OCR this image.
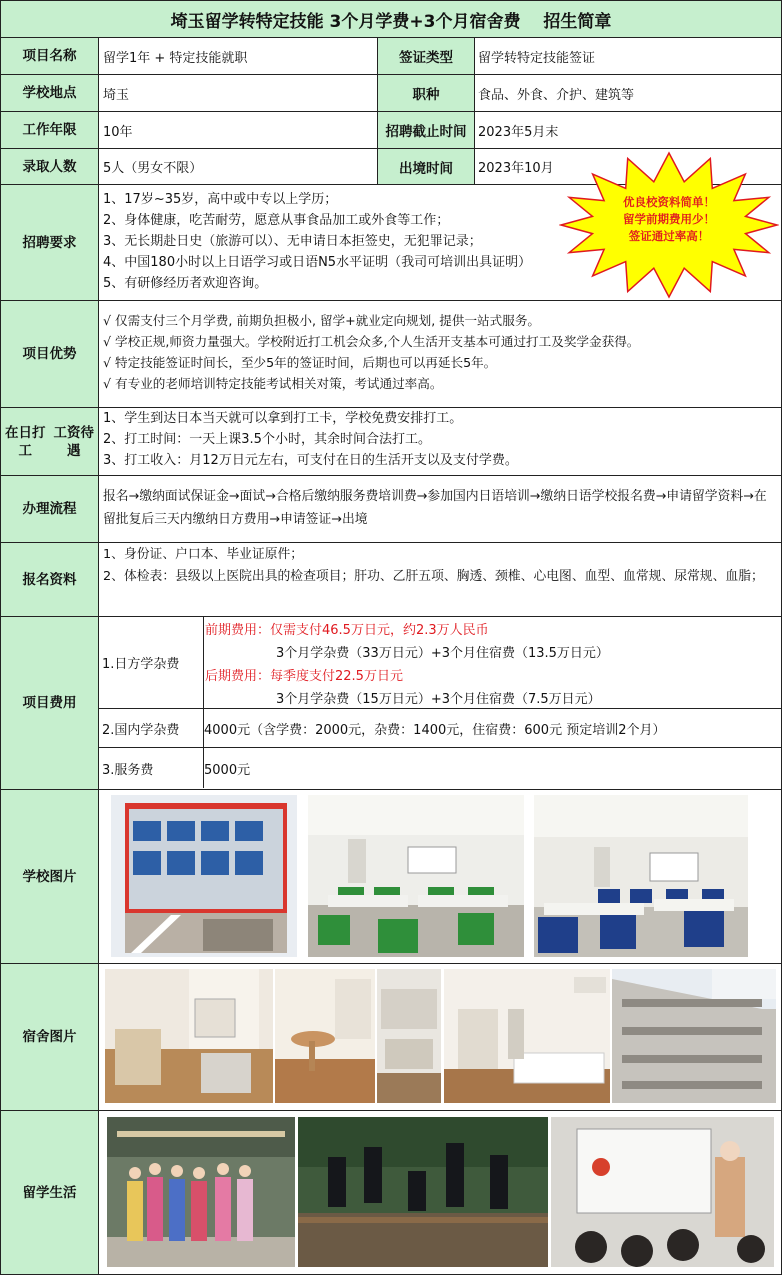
埼玉留学转特定技能 3个月学费+3个月宿舍费　 招生简章
项目名称	留学1年 + 特定技能就职	签证类型	留学转特定技能签证
学校地点	埼玉	职种	食品、外食、介护、建筑等
工作年限	10年	招聘截止时间 2023年5月末
录取人数	5人（男女不限）	出境时间	2023年10月
招聘要求
1、17岁~35岁，高中或中专以上学历；
2、身体健康，吃苦耐劳，愿意从事食品加工或外食等工作；
3、无长期赴日史（旅游可以）、无申请日本拒签史，无犯罪记录；
4、中国180小时以上日语学习或日语N5水平证明（我司可培训出具证明）
5、有研修经历者欢迎咨询。
项目优势
√ 仅需支付三个月学费, 前期负担极小, 留学+就业定向规划, 提供一站式服务。
√ 学校正规,师资力量强大。学校附近打工机会众多,个人生活开支基本可通过打工及奖学金获得。
√ 特定技能签证时间长，至少5年的签证时间，后期也可以再延长5年。
√ 有专业的老师培训特定技能考试相关对策，考试通过率高。
在日打工

工资待遇
1、学生到达日本当天就可以拿到打工卡，学校免费安排打工。
2、打工时间：一天上课3.5个小时，其余时间合法打工。
3、打工收入：月12万日元左右，可支付在日的生活开支以及支付学费。
办理流程
报名→缴纳面试保证金→面试→合格后缴纳服务费培训费→参加国内日语培训→缴纳日语学校报名费→申请留学资料→在留批复后三天内缴纳日方费用→申请签证→出境
报名资料
1、身份证、户口本、毕业证原件；
2、体检表：县级以上医院出具的检查项目；肝功、乙肝五项、胸透、颈椎、心电图、血型、血常规、尿常规、血脂；
项目费用
1.日方学杂费
前期费用：仅需支付46.5万日元，约2.3万人民币
3个月学杂费（33万日元）+3个月住宿费（13.5万日元）
后期费用：每季度支付22.5万日元
3个月学杂费（15万日元）+3个月住宿费（7.5万日元）
2.国内学杂费	4000元（含学费：2000元，杂费：1400元，住宿费：600元 预定培训2个月）
3.服务费	5000元
学校图片
宿舍图片
留学生活
优良校资料简单！
留学前期费用少！
签证通过率高！
